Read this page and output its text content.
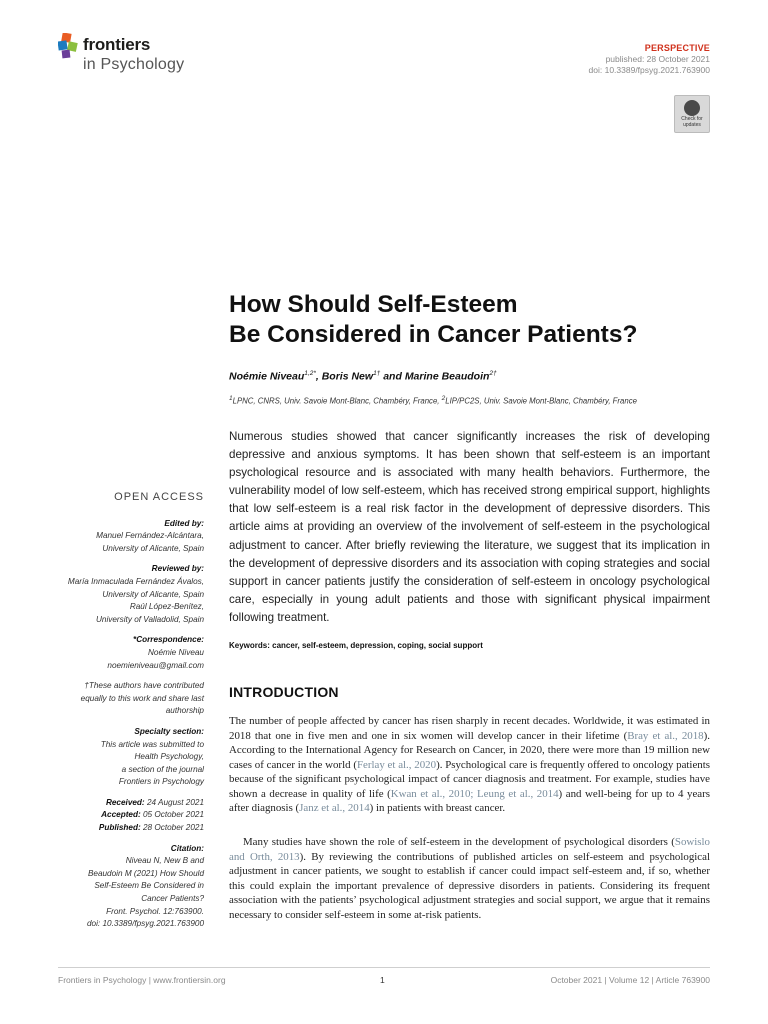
frontiers
in Psychology
PERSPECTIVE
published: 28 October 2021
doi: 10.3389/fpsyg.2021.763900
Check for updates
How Should Self-Esteem
Be Considered in Cancer Patients?
Noémie Niveau$^{1,2*}$, Boris New$^{1\dagger}$ and Marine Beaudoin$^{2\dagger}$
$^1$LPNC, CNRS, Univ. Savoie Mont-Blanc, Chambéry, France, $^2$LIP/PC2S, Univ. Savoie Mont-Blanc, Chambéry, France
Numerous studies showed that cancer significantly increases the risk of developing depressive and anxious symptoms. It has been shown that self-esteem is an important psychological resource and is associated with many health behaviors. Furthermore, the vulnerability model of low self-esteem, which has received strong empirical support, highlights that low self-esteem is a real risk factor in the development of depressive disorders. This article aims at providing an overview of the involvement of self-esteem in the psychological adjustment to cancer. After briefly reviewing the literature, we suggest that its implication in the development of depressive disorders and its association with coping strategies and social support in cancer patients justify the consideration of self-esteem in oncology psychological care, especially in young adult patients and those with significant physical impairment following treatment.
Keywords: cancer, self-esteem, depression, coping, social support
INTRODUCTION
The number of people affected by cancer has risen sharply in recent decades. Worldwide, it was estimated in 2018 that one in five men and one in six women will develop cancer in their lifetime (Bray et al., 2018). According to the International Agency for Research on Cancer, in 2020, there were more than 19 million new cases of cancer in the world (Ferlay et al., 2020). Psychological care is frequently offered to oncology patients because of the significant psychological impact of cancer diagnosis and treatment. For example, studies have shown a decrease in quality of life (Kwan et al., 2010; Leung et al., 2014) and well-being for up to 4 years after diagnosis (Janz et al., 2014) in patients with breast cancer.
Many studies have shown the role of self-esteem in the development of psychological disorders (Sowislo and Orth, 2013). By reviewing the contributions of published articles on self-esteem and psychological adjustment in cancer patients, we sought to establish if cancer could impact self-esteem and, if so, whether this could explain the important prevalence of depressive disorders in patients. Considering its frequent association with the patients’ psychological adjustment strategies and social support, we argue that it remains necessary to consider self-esteem in some at-risk patients.
OPEN ACCESS
Edited by:
Manuel Fernández-Alcántara,
University of Alicante, Spain
Reviewed by:
María Inmaculada Fernández Ávalos,
University of Alicante, Spain
Raúl López-Benítez,
University of Valladolid, Spain
*Correspondence:
Noémie Niveau
noemieniveau@gmail.com
†These authors have contributed
equally to this work and share last
authorship
Specialty section:
This article was submitted to
Health Psychology,
a section of the journal
Frontiers in Psychology
Received: 24 August 2021
Accepted: 05 October 2021
Published: 28 October 2021
Citation:
Niveau N, New B and
Beaudoin M (2021) How Should
Self-Esteem Be Considered in
Cancer Patients?
Front. Psychol. 12:763900.
doi: 10.3389/fpsyg.2021.763900
Frontiers in Psychology | www.frontiersin.org	1	October 2021 | Volume 12 | Article 763900
